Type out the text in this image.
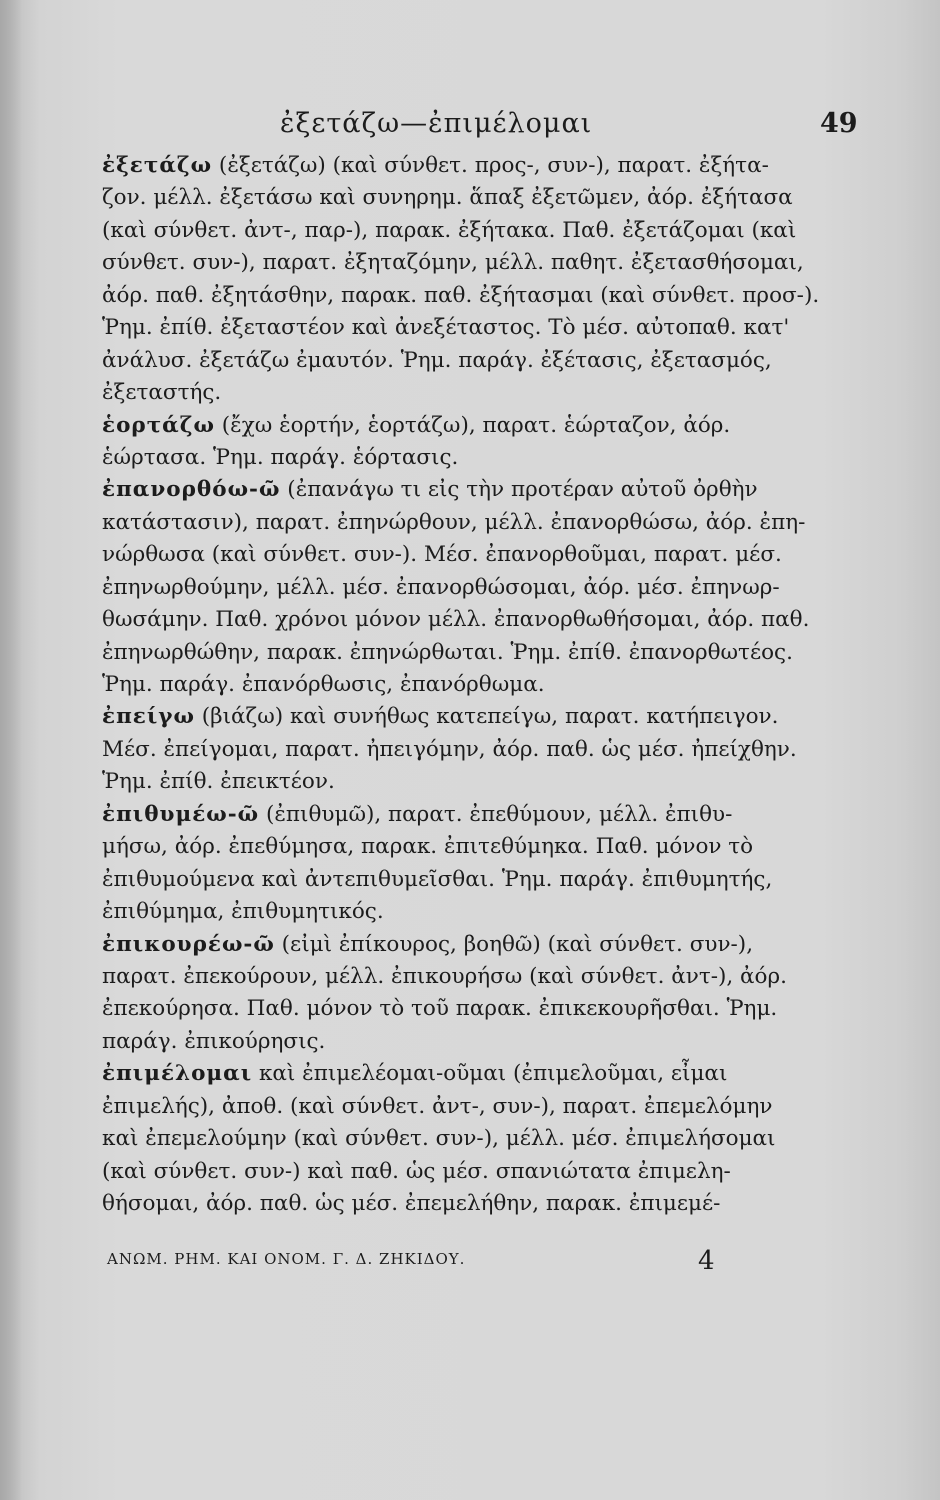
ἐξετάζω—ἐπιμέλομαι	49
ἐξετάζω (ἐξετάζω) (καὶ σύνθετ. προς-, συν-), παρατ. ἐξήτα-
ζον. μέλλ. ἐξετάσω καὶ συνηρημ. ἅπαξ ἐξετῶμεν, ἀόρ. ἐξήτασα
(καὶ σύνθετ. ἀντ-, παρ-), παρακ. ἐξήτακα. Παθ. ἐξετάζομαι (καὶ
σύνθετ. συν-), παρατ. ἐξηταζόμην, μέλλ. παθητ. ἐξετασθήσομαι,
ἀόρ. παθ. ἐξητάσθην, παρακ. παθ. ἐξήτασμαι (καὶ σύνθετ. προσ-).
Ῥημ. ἐπίθ. ἐξεταστέον καὶ ἀνεξέταστος. Τὸ μέσ. αὐτοπαθ. κατ'
ἀνάλυσ. ἐξετάζω ἐμαυτόν. Ῥημ. παράγ. ἐξέτασις, ἐξετασμός,
ἐξεταστής.
ἑορτάζω (ἔχω ἑορτήν, ἑορτάζω), παρατ. ἑώρταζον, ἀόρ.
ἑώρτασα. Ῥημ. παράγ. ἑόρτασις.
ἐπανορθόω-ῶ (ἐπανάγω τι εἰς τὴν προτέραν αὐτοῦ ὀρθὴν
κατάστασιν), παρατ. ἐπηνώρθουν, μέλλ. ἐπανορθώσω, ἀόρ. ἐπη-
νώρθωσα (καὶ σύνθετ. συν-). Μέσ. ἐπανορθοῦμαι, παρατ. μέσ.
ἐπηνωρθούμην, μέλλ. μέσ. ἐπανορθώσομαι, ἀόρ. μέσ. ἐπηνωρ-
θωσάμην. Παθ. χρόνοι μόνον μέλλ. ἐπανορθωθήσομαι, ἀόρ. παθ.
ἐπηνωρθώθην, παρακ. ἐπηνώρθωται. Ῥημ. ἐπίθ. ἐπανορθωτέος.
Ῥημ. παράγ. ἐπανόρθωσις, ἐπανόρθωμα.
ἐπείγω (βιάζω) καὶ συνήθως κατεπείγω, παρατ. κατήπειγον.
Μέσ. ἐπείγομαι, παρατ. ἠπειγόμην, ἀόρ. παθ. ὡς μέσ. ἠπείχθην.
Ῥημ. ἐπίθ. ἐπεικτέον.
ἐπιθυμέω-ῶ (ἐπιθυμῶ), παρατ. ἐπεθύμουν, μέλλ. ἐπιθυ-
μήσω, ἀόρ. ἐπεθύμησα, παρακ. ἐπιτεθύμηκα. Παθ. μόνον τὸ
ἐπιθυμούμενα καὶ ἀντεπιθυμεῖσθαι. Ῥημ. παράγ. ἐπιθυμητής,
ἐπιθύμημα, ἐπιθυμητικός.
ἐπικουρέω-ῶ (εἰμὶ ἐπίκουρος, βοηθῶ) (καὶ σύνθετ. συν-),
παρατ. ἐπεκούρουν, μέλλ. ἐπικουρήσω (καὶ σύνθετ. ἀντ-), ἀόρ.
ἐπεκούρησα. Παθ. μόνον τὸ τοῦ παρακ. ἐπικεκουρῆσθαι. Ῥημ.
παράγ. ἐπικούρησις.
ἐπιμέλομαι καὶ ἐπιμελέομαι-οῦμαι (ἐπιμελοῦμαι, εἶμαι
ἐπιμελής), ἀποθ. (καὶ σύνθετ. ἀντ-, συν-), παρατ. ἐπεμελόμην
καὶ ἐπεμελούμην (καὶ σύνθετ. συν-), μέλλ. μέσ. ἐπιμελήσομαι
(καὶ σύνθετ. συν-) καὶ παθ. ὡς μέσ. σπανιώτατα ἐπιμελη-
θήσομαι, ἀόρ. παθ. ὡς μέσ. ἐπεμελήθην, παρακ. ἐπιμεμέ-
ΑΝΩΜ. ΡΗΜ. ΚΑΙ ΟΝΟΜ. Γ. Δ. ΖΗΚΙΔΟΥ.	4
